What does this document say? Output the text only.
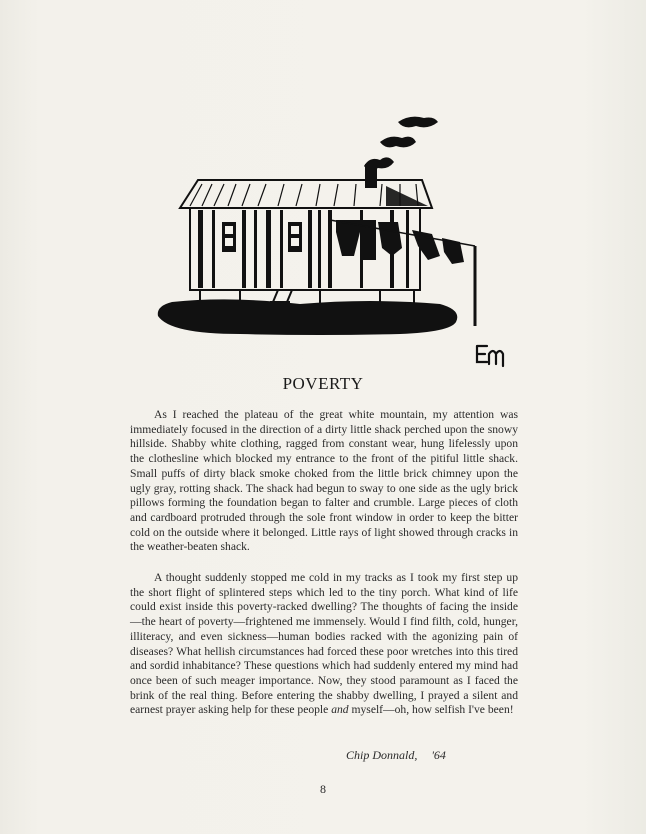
POVERTY

As I reached the plateau of the great white mountain, my attention was immediately focused in the direction of a dirty little shack perched upon the snowy hillside. Shabby white clothing, ragged from constant wear, hung lifelessly upon the clothesline which blocked my entrance to the front of the pitiful little shack. Small puffs of dirty black smoke choked from the little brick chimney upon the ugly gray, rotting shack. The shack had begun to sway to one side as the ugly brick pillows forming the foundation began to falter and crumble. Large pieces of cloth and cardboard protruded through the sole front window in order to keep the bitter cold on the outside where it belonged. Little rays of light showed through cracks in the weather-beaten shack.

A thought suddenly stopped me cold in my tracks as I took my first step up the short flight of splintered steps which led to the tiny porch. What kind of life could exist inside this poverty-racked dwelling? The thoughts of facing the inside—the heart of poverty—frightened me immensely. Would I find filth, cold, hunger, illiteracy, and even sickness—human bodies racked with the agonizing pain of diseases? What hellish circumstances had forced these poor wretches into this tired and sordid inhabitance? These questions which had suddenly entered my mind had once been of such meager importance. Now, they stood paramount as I faced the brink of the real thing. Before entering the shabby dwelling, I prayed a silent and earnest prayer asking help for these people and myself—oh, how selfish I've been!

Chip Donnald, '64
8
